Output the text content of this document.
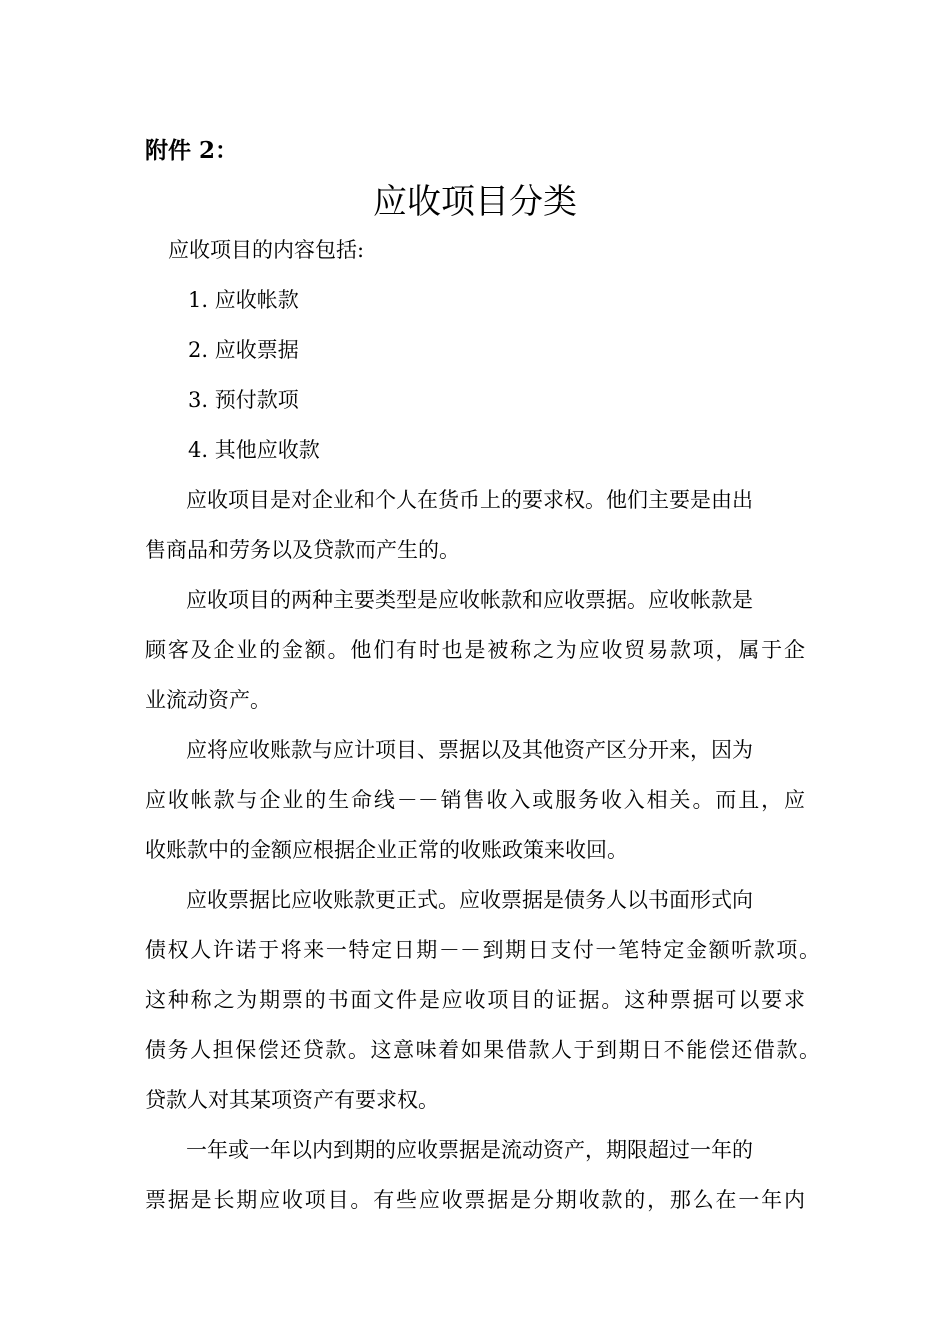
附件 2：
应收项目分类
应收项目的内容包括:
1. 应收帐款
2. 应收票据
3. 预付款项
4. 其他应收款
应收项目是对企业和个人在货币上的要求权。他们主要是由出
售商品和劳务以及贷款而产生的。
应收项目的两种主要类型是应收帐款和应收票据。应收帐款是
顾客及企业的金额。他们有时也是被称之为应收贸易款项，属于企
业流动资产。
应将应收账款与应计项目、票据以及其他资产区分开来，因为
应收帐款与企业的生命线－－销售收入或服务收入相关。而且，应
收账款中的金额应根据企业正常的收账政策来收回。
应收票据比应收账款更正式。应收票据是债务人以书面形式向
债权人许诺于将来一特定日期－－到期日支付一笔特定金额听款项。
这种称之为期票的书面文件是应收项目的证据。这种票据可以要求
债务人担保偿还贷款。这意味着如果借款人于到期日不能偿还借款。
贷款人对其某项资产有要求权。
一年或一年以内到期的应收票据是流动资产，期限超过一年的
票据是长期应收项目。有些应收票据是分期收款的，那么在一年内
